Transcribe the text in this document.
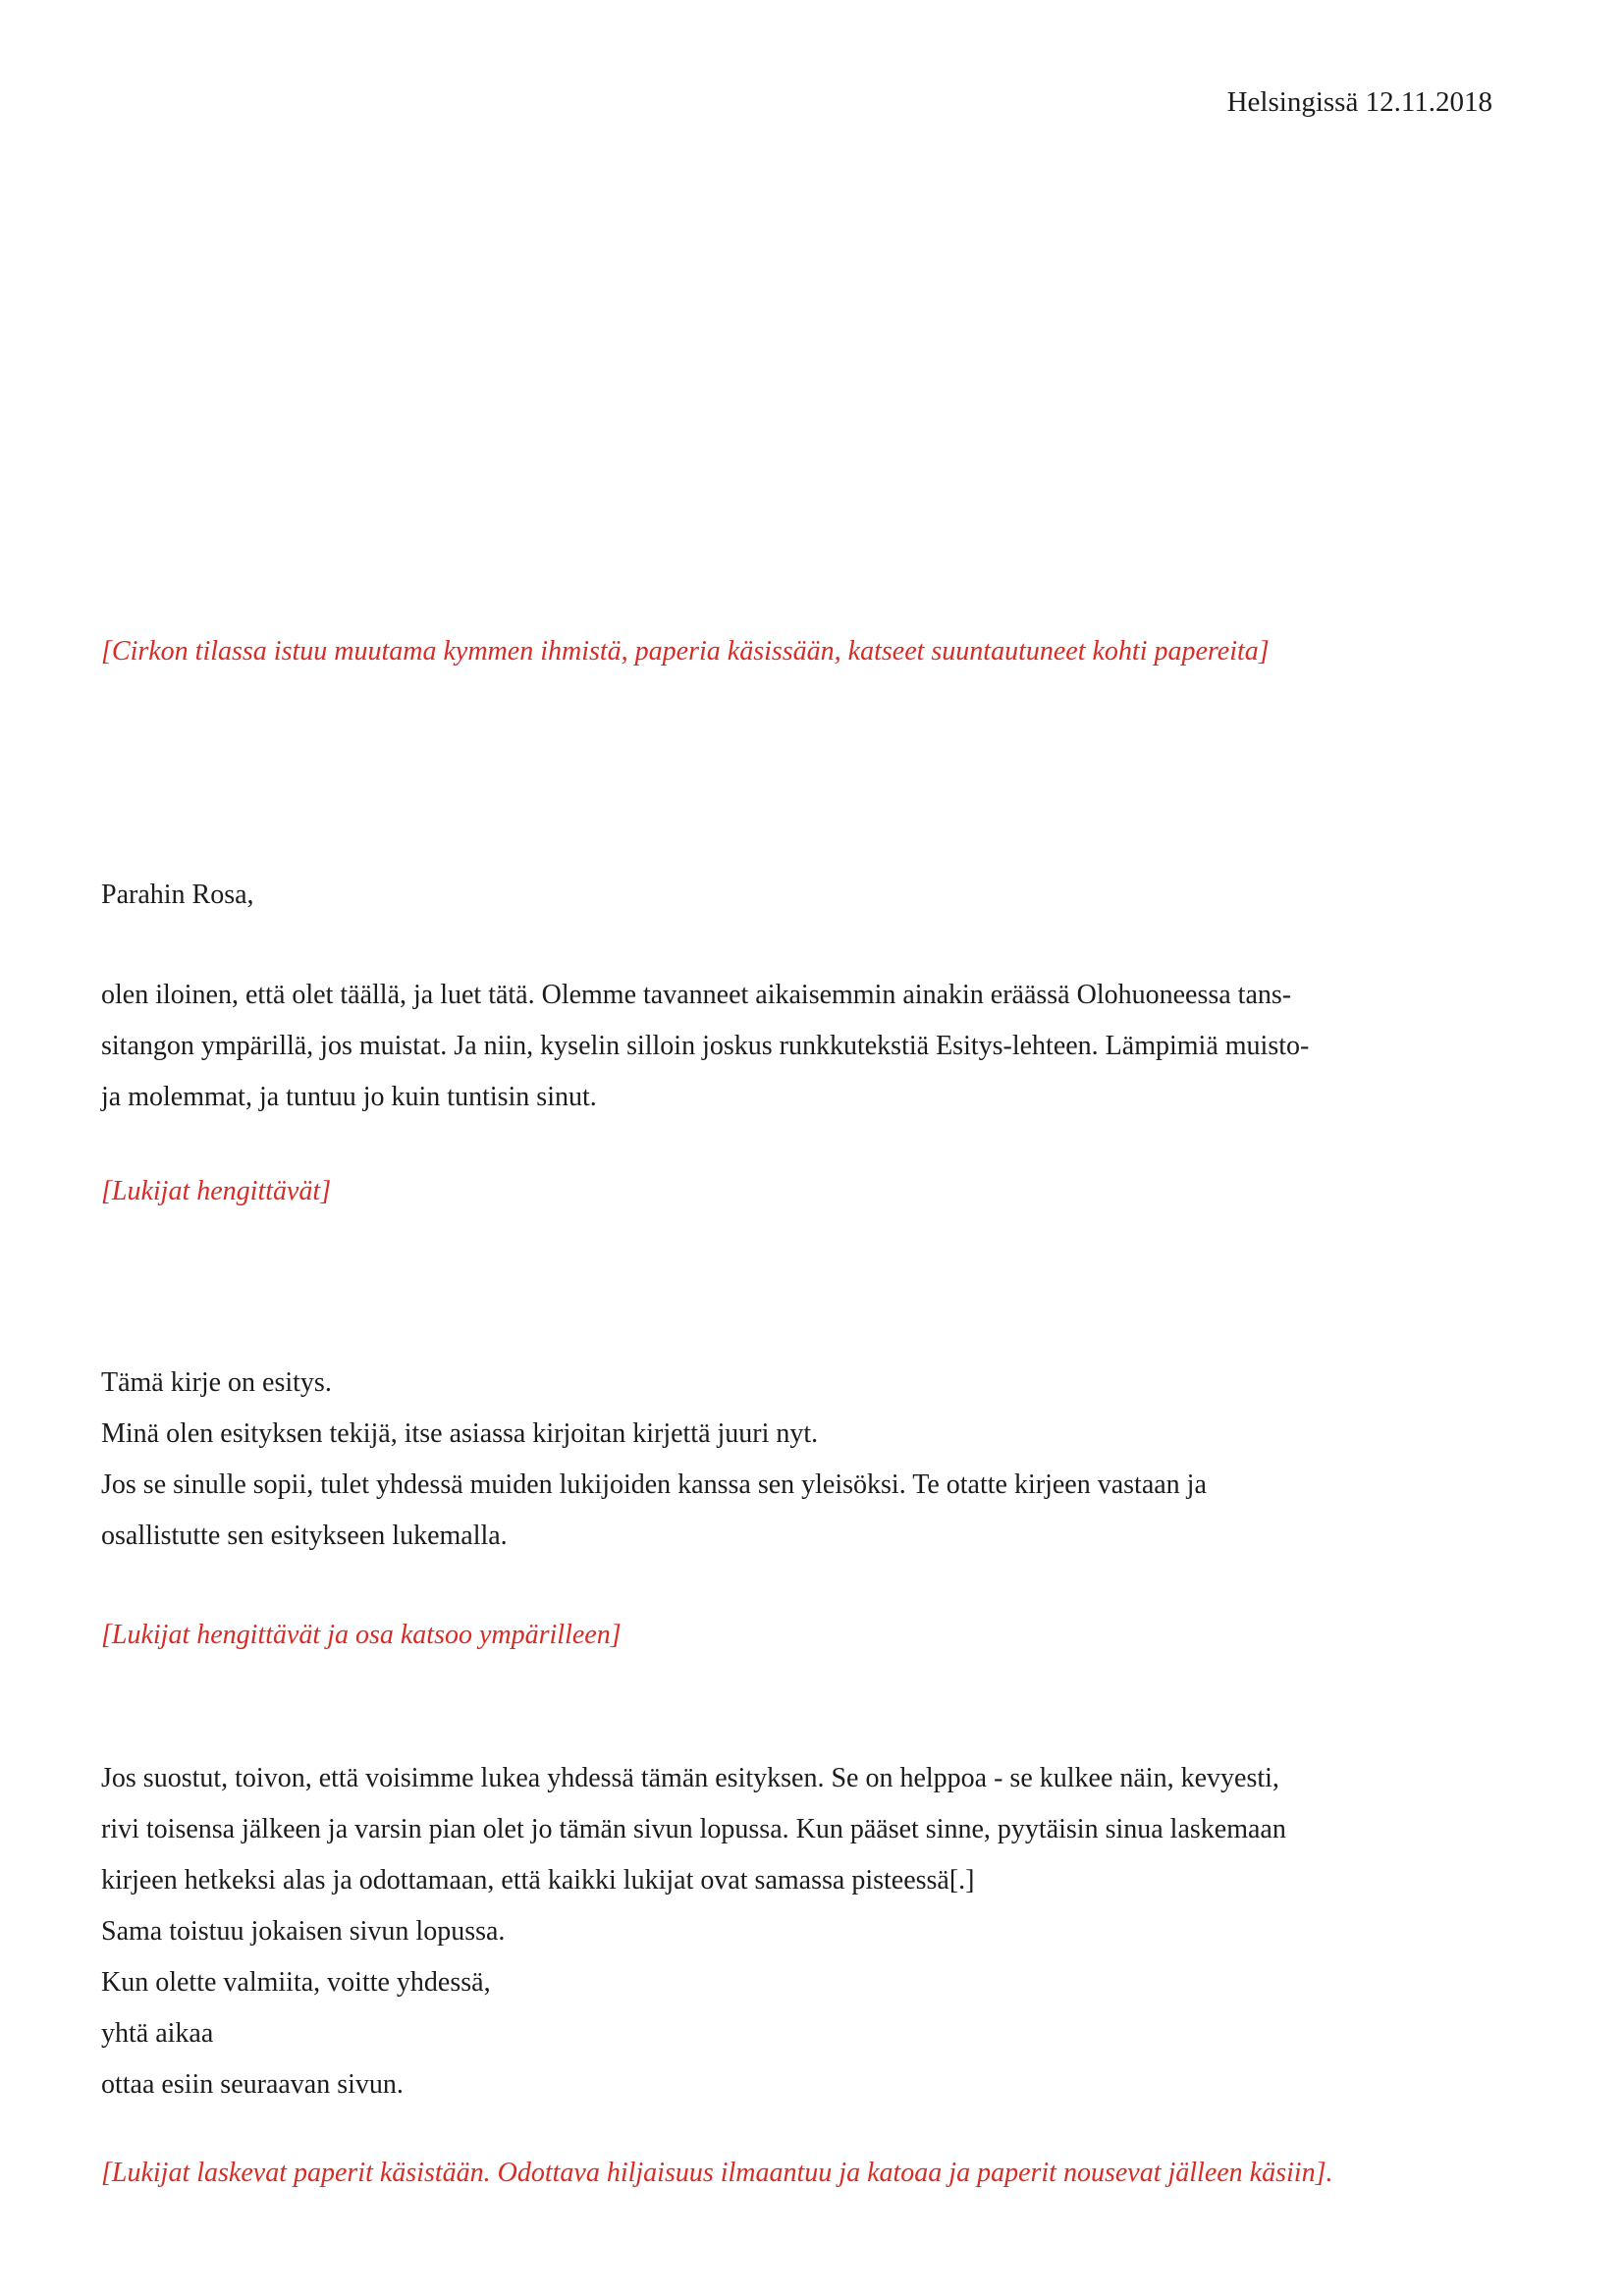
Helsingissä 12.11.2018
[Cirkon tilassa istuu muutama kymmen ihmistä, paperia käsissään, katseet suuntautuneet kohti papereita]
Parahin Rosa,
olen iloinen, että olet täällä, ja luet tätä. Olemme tavanneet aikaisemmin ainakin eräässä Olohuoneessa tans-
sitangon ympärillä, jos muistat. Ja niin, kyselin silloin joskus runkkutekstiä Esitys-lehteen. Lämpimiä muisto-
ja molemmat, ja tuntuu jo kuin tuntisin sinut.
[Lukijat hengittävät]
Tämä kirje on esitys.
Minä olen esityksen tekijä, itse asiassa kirjoitan kirjettä juuri nyt.
Jos se sinulle sopii, tulet yhdessä muiden lukijoiden kanssa sen yleisöksi. Te otatte kirjeen vastaan ja
osallistutte sen esitykseen lukemalla.
[Lukijat hengittävät ja osa katsoo ympärilleen]
Jos suostut, toivon, että voisimme lukea yhdessä tämän esityksen. Se on helppoa - se kulkee näin, kevyesti,
rivi toisensa jälkeen ja varsin pian olet jo tämän sivun lopussa. Kun pääset sinne, pyytäisin sinua laskemaan
kirjeen hetkeksi alas ja odottamaan, että kaikki lukijat ovat samassa pisteessä[.]
Sama toistuu jokaisen sivun lopussa.
Kun olette valmiita, voitte yhdessä,
yhtä aikaa
ottaa esiin seuraavan sivun.
[Lukijat laskevat paperit käsistään. Odottava hiljaisuus ilmaantuu ja katoaa ja paperit nousevat jälleen käsiin].
